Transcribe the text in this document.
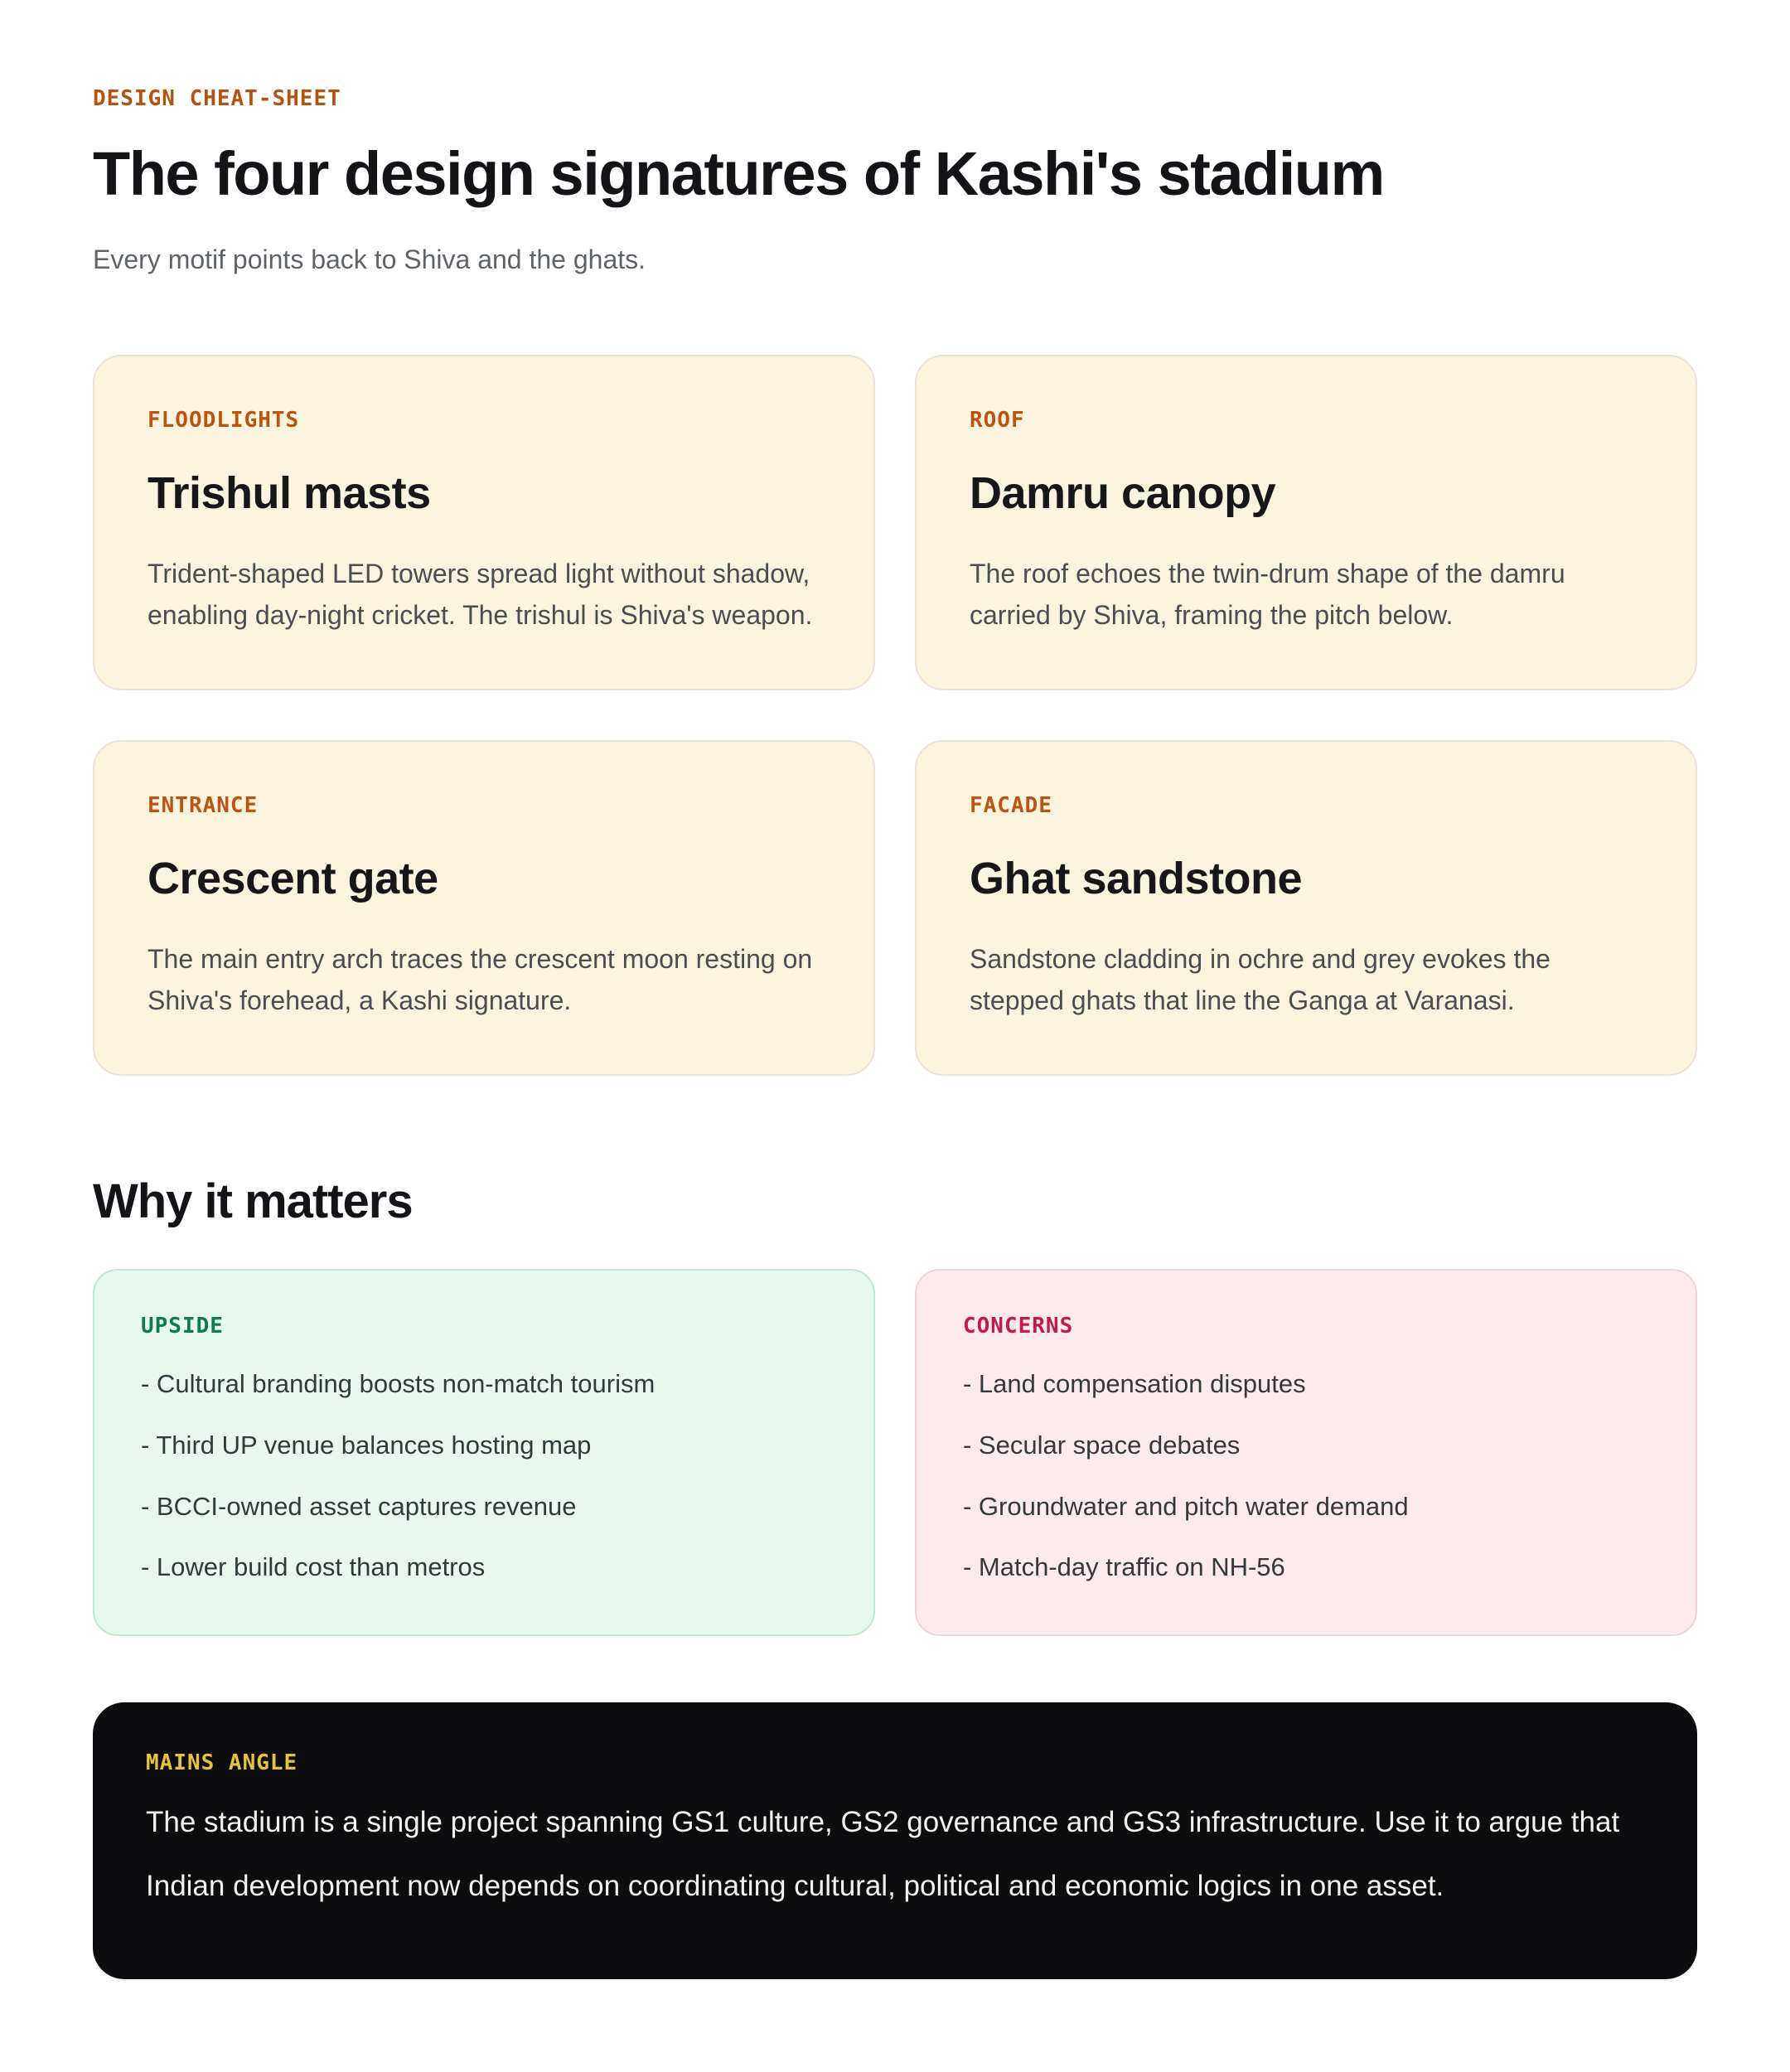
DESIGN CHEAT-SHEET
The four design signatures of Kashi's stadium

Every motif points back to Shiva and the ghats.

FLOODLIGHTS
Trishul masts

Trident-shaped LED towers spread light without shadow, enabling day-night cricket. The trishul is Shiva's weapon.

ROOF
Damru canopy

The roof echoes the twin-drum shape of the damru carried by Shiva, framing the pitch below.

ENTRANCE
Crescent gate

The main entry arch traces the crescent moon resting on Shiva's forehead, a Kashi signature.

FACADE
Ghat sandstone

Sandstone cladding in ochre and grey evokes the stepped ghats that line the Ganga at Varanasi.

Why it matters
UPSIDE
- Cultural branding boosts non-match tourism
- Third UP venue balances hosting map
- BCCI-owned asset captures revenue
- Lower build cost than metros
CONCERNS
- Land compensation disputes
- Secular space debates
- Groundwater and pitch water demand
- Match-day traffic on NH-56
MAINS ANGLE

The stadium is a single project spanning GS1 culture, GS2 governance and GS3 infrastructure. Use it to argue that Indian development now depends on coordinating cultural, political and economic logics in one asset.
